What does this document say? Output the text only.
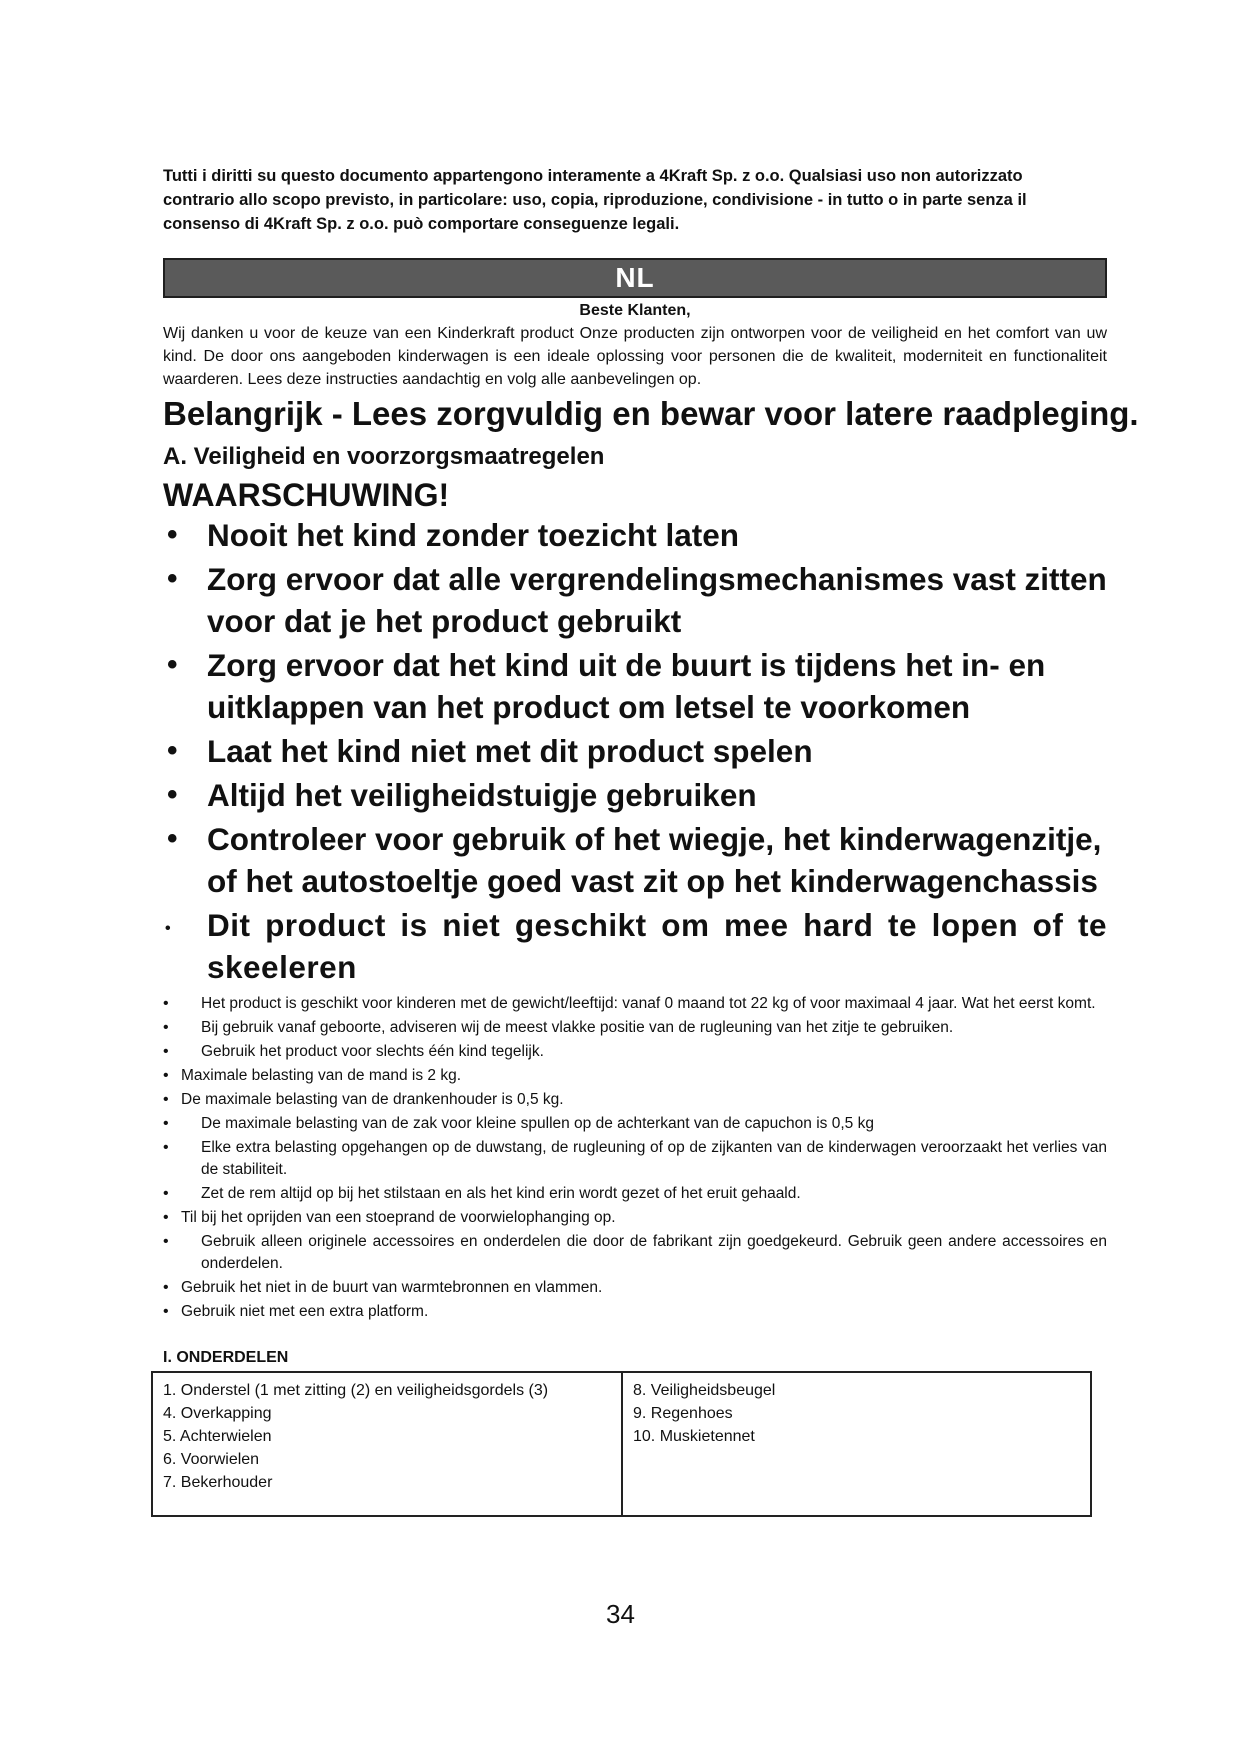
Tutti i diritti su questo documento appartengono interamente a 4Kraft Sp. z o.o. Qualsiasi uso non autorizzato contrario allo scopo previsto, in particolare: uso, copia, riproduzione, condivisione - in tutto o in parte senza il consenso di 4Kraft Sp. z o.o. può comportare conseguenze legali.
NL
Beste Klanten,
Wij danken u voor de keuze van een Kinderkraft product Onze producten zijn ontworpen voor de veiligheid en het comfort van uw kind. De door ons aangeboden kinderwagen is een ideale oplossing voor personen die de kwaliteit, moderniteit en functionaliteit waarderen. Lees deze instructies aandachtig en volg alle aanbevelingen op.
Belangrijk - Lees zorgvuldig en bewar voor latere raadpleging.
A. Veiligheid en voorzorgsmaatregelen
WAARSCHUWING!
• Nooit het kind zonder toezicht laten
• Zorg ervoor dat alle vergrendelingsmechanismes vast zitten voor dat je het product gebruikt
• Zorg ervoor dat het kind uit de buurt is tijdens het in- en uitklappen van het product om letsel te voorkomen
• Laat het kind niet met dit product spelen
• Altijd het veiligheidstuigje gebruiken
• Controleer voor gebruik of het wiegje, het kinderwagenzitje, of het autostoeltje goed vast zit op het kinderwagenchassis
• Dit product is niet geschikt om mee hard te lopen of te skeeleren
•	Het product is geschikt voor kinderen met de gewicht/leeftijd: vanaf 0 maand tot 22 kg of voor maximaal 4 jaar. Wat het eerst komt.
•	Bij gebruik vanaf geboorte, adviseren wij de meest vlakke positie van de rugleuning van het zitje te gebruiken.
•	Gebruik het product voor slechts één kind tegelijk.
• Maximale belasting van de mand is 2 kg.
• De maximale belasting van de drankenhouder is 0,5 kg.
•	De maximale belasting van de zak voor kleine spullen op de achterkant van de capuchon is 0,5 kg
•	Elke extra belasting opgehangen op de duwstang, de rugleuning of op de zijkanten van de kinderwagen veroorzaakt het verlies van de stabiliteit.
•	Zet de rem altijd op bij het stilstaan en als het kind erin wordt gezet of het eruit gehaald.
• Til bij het oprijden van een stoeprand de voorwielophanging op.
•	Gebruik alleen originele accessoires en onderdelen die door de fabrikant zijn goedgekeurd. Gebruik geen andere accessoires en onderdelen.
• Gebruik het niet in de buurt van warmtebronnen en vlammen.
• Gebruik niet met een extra platform.
I. ONDERDELEN
1. Onderstel (1 met zitting (2) en veiligheidsgordels (3)
4. Overkapping
5. Achterwielen
6. Voorwielen
7. Bekerhouder
8. Veiligheidsbeugel
9. Regenhoes
10. Muskietennet
34
